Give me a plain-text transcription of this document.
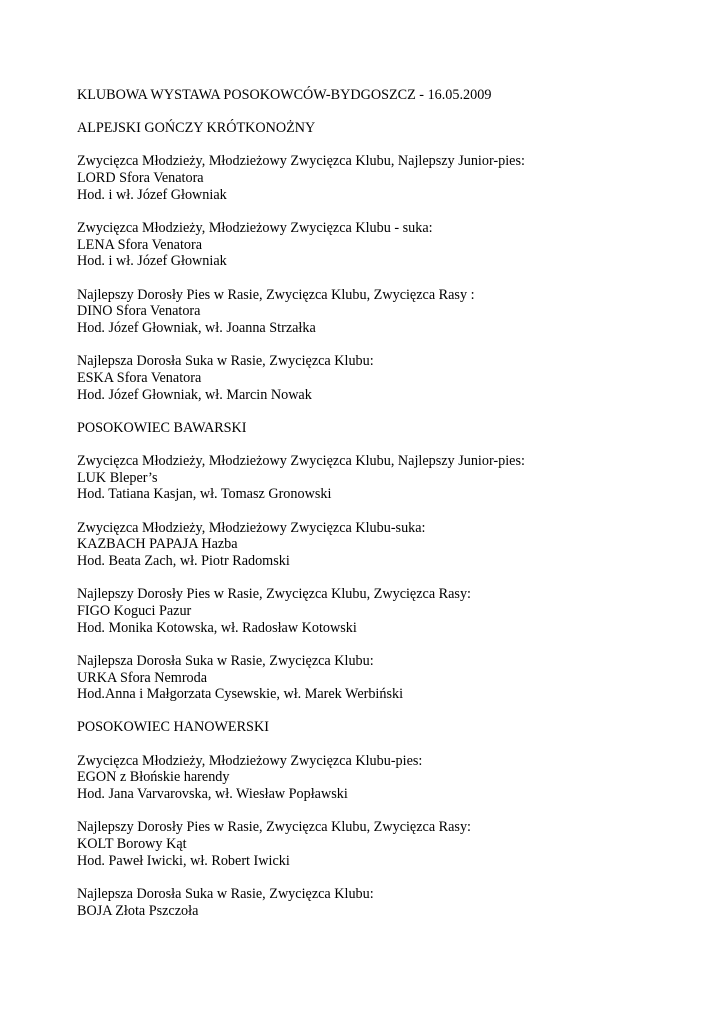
KLUBOWA WYSTAWA POSOKOWCÓW-BYDGOSZCZ - 16.05.2009
ALPEJSKI GOŃCZY KRÓTKONOŻNY
Zwycięzca Młodzieży, Młodzieżowy Zwycięzca Klubu, Najlepszy Junior-pies:
LORD Sfora Venatora
Hod. i wł. Józef Głowniak
Zwycięzca Młodzieży, Młodzieżowy Zwycięzca Klubu - suka:
LENA Sfora Venatora
Hod. i wł. Józef Głowniak
Najlepszy Dorosły Pies w Rasie, Zwycięzca Klubu, Zwycięzca Rasy :
DINO Sfora Venatora
Hod. Józef Głowniak, wł. Joanna Strzałka
Najlepsza Dorosła Suka w Rasie, Zwycięzca Klubu:
ESKA Sfora Venatora
Hod. Józef Głowniak, wł. Marcin Nowak
POSOKOWIEC BAWARSKI
Zwycięzca Młodzieży, Młodzieżowy Zwycięzca Klubu, Najlepszy Junior-pies:
LUK Bleper’s
Hod. Tatiana Kasjan, wł. Tomasz Gronowski
Zwycięzca Młodzieży, Młodzieżowy Zwycięzca Klubu-suka:
KAZBACH PAPAJA Hazba
Hod. Beata Zach, wł. Piotr Radomski
Najlepszy Dorosły Pies w Rasie, Zwycięzca Klubu, Zwycięzca Rasy:
FIGO Koguci Pazur
Hod. Monika Kotowska, wł. Radosław Kotowski
Najlepsza Dorosła Suka w Rasie, Zwycięzca Klubu:
URKA Sfora Nemroda
Hod.Anna i Małgorzata Cysewskie, wł. Marek Werbiński
POSOKOWIEC HANOWERSKI
Zwycięzca Młodzieży, Młodzieżowy Zwycięzca Klubu-pies:
EGON z Błońskie harendy
Hod. Jana Varvarovska, wł. Wiesław Popławski
Najlepszy Dorosły Pies w Rasie, Zwycięzca Klubu, Zwycięzca Rasy:
KOLT Borowy Kąt
Hod. Paweł Iwicki, wł. Robert Iwicki
Najlepsza Dorosła Suka w Rasie, Zwycięzca Klubu:
BOJA Złota Pszczoła
